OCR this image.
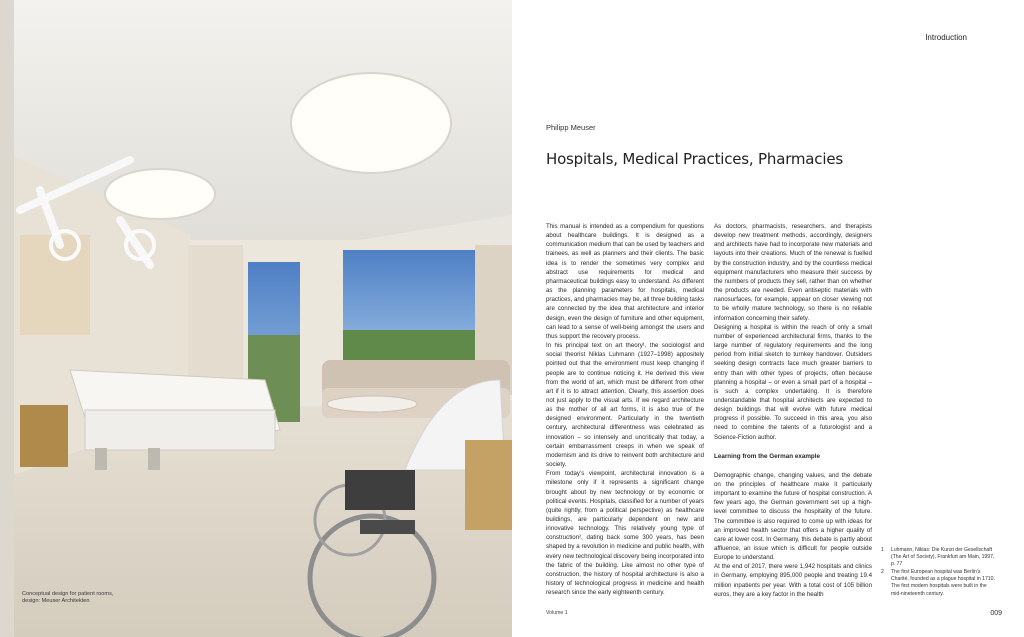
Conceptual design for patient rooms,
design: Meuser Architekten
Introduction
Philipp Meuser
Hospitals, Medical Practices, Pharmacies

This manual is intended as a compendium for questions about healthcare buildings. It is designed as a communication medium that can be used by teachers and trainees, as well as planners and their clients. The basic idea is to render the sometimes very complex and abstract use requirements for medical and pharmaceutical buildings easy to understand. As different as the planning parameters for hospitals, medical practices, and pharmacies may be, all three building tasks are connected by the idea that architecture and interior design, even the design of furniture and other equipment, can lead to a sense of well-being amongst the users and thus support the recovery process.

In his principal text on art theory¹, the sociologist and social theorist Niklas Luhmann (1927–1998) appositely pointed out that the environment must keep changing if people are to continue noticing it. He derived this view from the world of art, which must be different from other art if it is to attract attention. Clearly, this assertion does not just apply to the visual arts. If we regard architecture as the mother of all art forms, it is also true of the designed environment. Particularly in the twentieth century, architectural differentness was celebrated as innovation – so intensely and uncritically that today, a certain embarrassment creeps in when we speak of modernism and its drive to reinvent both architecture and society.

From today’s viewpoint, architectural innovation is a milestone only if it represents a significant change brought about by new technology or by economic or political events. Hospitals, classified for a number of years (quite rightly, from a political perspective) as healthcare buildings, are particularly dependent on new and innovative technology. This relatively young type of construction², dating back some 300 years, has been shaped by a revolution in medicine and public health, with every new technological discovery being incorporated into the fabric of the building. Like almost no other type of construction, the history of hospital architecture is also a history of technological progress in medicine and health research since the early eighteenth century.

As doctors, pharmacists, researchers, and therapists develop new treatment methods, accordingly, designers and architects have had to incorporate new materials and layouts into their creations. Much of the renewal is fuelled by the construction industry, and by the countless medical equipment manufacturers who measure their success by the numbers of products they sell, rather than on whether the products are needed. Even antiseptic materials with nanosurfaces, for example, appear on closer viewing not to be wholly mature technology, so there is no reliable information concerning their safety.

Designing a hospital is within the reach of only a small number of experienced architectural firms, thanks to the large number of regulatory requirements and the long period from initial sketch to turnkey handover. Outsiders seeking design contracts face much greater barriers to entry than with other types of projects, often because planning a hospital – or even a small part of a hospital – is such a complex undertaking. It is therefore understandable that hospital architects are expected to design buildings that will evolve with future medical progress if possible. To succeed in this area, you also need to combine the talents of a futurologist and a Science-Fiction author.

Learning from the German example

Demographic change, changing values, and the debate on the principles of healthcare make it particularly important to examine the future of hospital construction. A few years ago, the German government set up a high-level committee to discuss the hospitality of the future. The committee is also required to come up with ideas for an improved health sector that offers a higher quality of care at lower cost. In Germany, this debate is partly about affluence, an issue which is difficult for people outside Europe to understand.

At the end of 2017, there were 1,942 hospitals and clinics in Germany, employing 895,000 people and treating 19.4 million inpatients per year. With a total cost of 105 billion euros, they are a key factor in the health

1	Luhmann, Niklas: Die Kunst der Gesellschaft (The Art of Society), Frankfurt am Main, 1997, p. 77
2	The first European hospital was Berlin’s Charité, founded as a plague hospital in 1710. The first modern hospitals were built in the mid-nineteenth century.
Volume 1	009
